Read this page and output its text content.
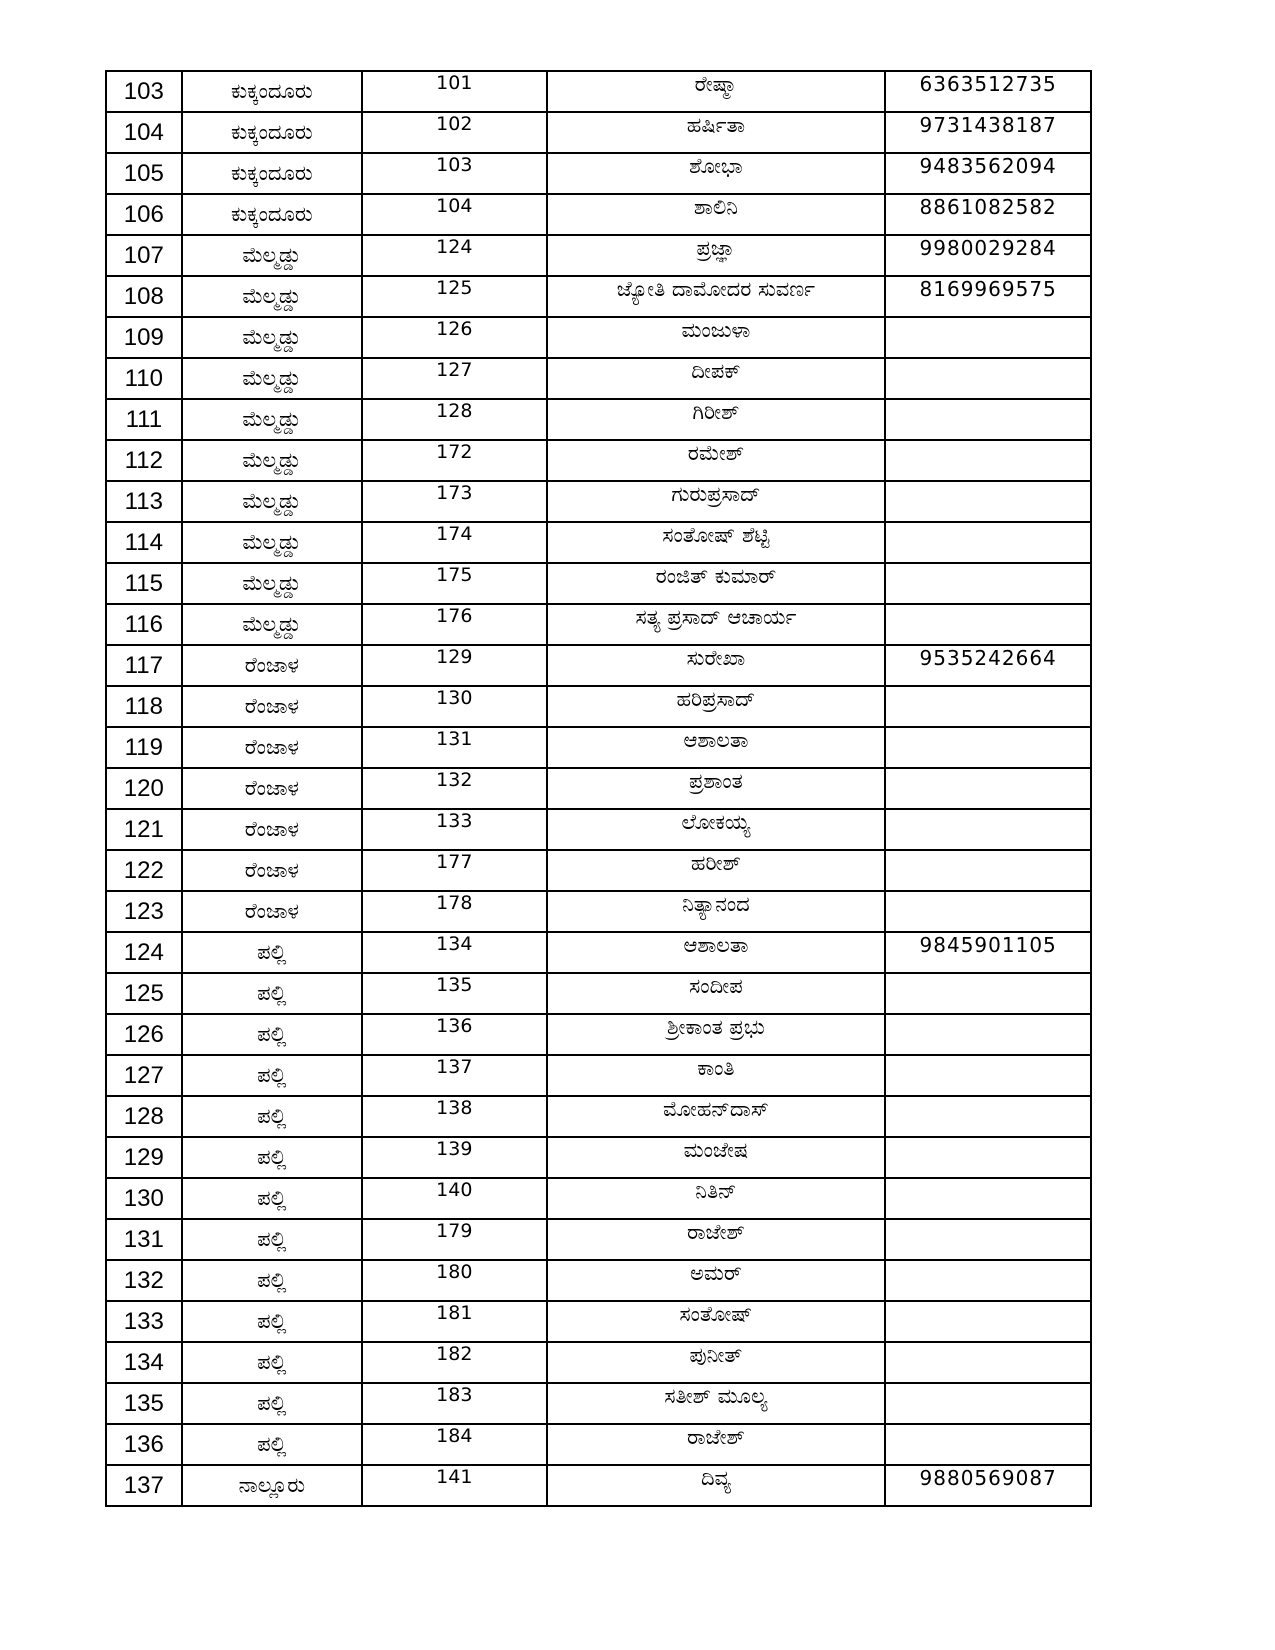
103	ಕುಕ್ಕಂದೂರು	101	ರೇಷ್ಮಾ	6363512735
104	ಕುಕ್ಕಂದೂರು	102	ಹರ್ಷಿತಾ	9731438187
105	ಕುಕ್ಕಂದೂರು	103	ಶೋಭಾ	9483562094
106	ಕುಕ್ಕಂದೂರು	104	ಶಾಲಿನಿ	8861082582
107	ಮೆಲ್ಮಡ್ಡು	124	ಪ್ರಜ್ಞಾ	9980029284
108	ಮೆಲ್ಮಡ್ಡು	125	ಜ್ಯೋತಿ ದಾಮೋದರ ಸುವರ್ಣ	8169969575
109	ಮೆಲ್ಮಡ್ಡು	126	ಮಂಜುಳಾ	
110	ಮೆಲ್ಮಡ್ಡು	127	ದೀಪಕ್	
111	ಮೆಲ್ಮಡ್ಡು	128	ಗಿರೀಶ್	
112	ಮೆಲ್ಮಡ್ಡು	172	ರಮೇಶ್	
113	ಮೆಲ್ಮಡ್ಡು	173	ಗುರುಪ್ರಸಾದ್	
114	ಮೆಲ್ಮಡ್ಡು	174	ಸಂತೋಷ್ ಶೆಟ್ಟಿ	
115	ಮೆಲ್ಮಡ್ಡು	175	ರಂಜಿತ್ ಕುಮಾರ್	
116	ಮೆಲ್ಮಡ್ಡು	176	ಸತ್ಯ ಪ್ರಸಾದ್ ಆಚಾರ್ಯ	
117	ರೆಂಜಾಳ	129	ಸುರೇಖಾ	9535242664
118	ರೆಂಜಾಳ	130	ಹರಿಪ್ರಸಾದ್	
119	ರೆಂಜಾಳ	131	ಆಶಾಲತಾ	
120	ರೆಂಜಾಳ	132	ಪ್ರಶಾಂತ	
121	ರೆಂಜಾಳ	133	ಲೋಕಯ್ಯ	
122	ರೆಂಜಾಳ	177	ಹರೀಶ್	
123	ರೆಂಜಾಳ	178	ನಿತ್ಯಾನಂದ	
124	ಪಲ್ಲಿ	134	ಆಶಾಲತಾ	9845901105
125	ಪಲ್ಲಿ	135	ಸಂದೀಪ	
126	ಪಲ್ಲಿ	136	ಶ್ರೀಕಾಂತ ಪ್ರಭು	
127	ಪಲ್ಲಿ	137	ಕಾಂತಿ	
128	ಪಲ್ಲಿ	138	ಮೋಹನ್‌ದಾಸ್	
129	ಪಲ್ಲಿ	139	ಮಂಜೇಷ	
130	ಪಲ್ಲಿ	140	ನಿತಿನ್	
131	ಪಲ್ಲಿ	179	ರಾಜೇಶ್	
132	ಪಲ್ಲಿ	180	ಅಮರ್	
133	ಪಲ್ಲಿ	181	ಸಂತೋಷ್	
134	ಪಲ್ಲಿ	182	ಪುನೀತ್	
135	ಪಲ್ಲಿ	183	ಸತೀಶ್ ಮೂಲ್ಯ	
136	ಪಲ್ಲಿ	184	ರಾಜೇಶ್	
137	ನಾಲ್ಲೂರು	141	ದಿವ್ಯ	9880569087
